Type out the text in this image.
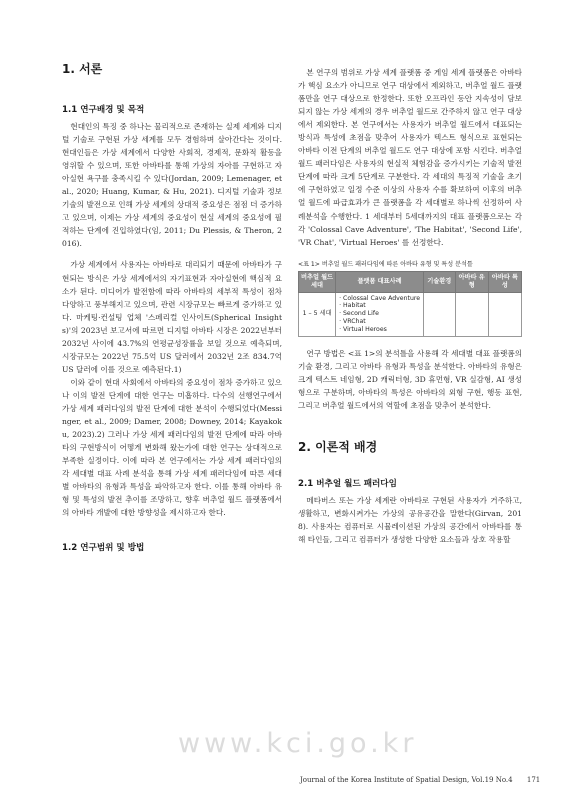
www.kci.go.kr
1. 서론
1.1 연구배경 및 목적

현대인의 특징 중 하나는 물리적으로 존재하는 실제 세계와 디지털 기술로 구현된 가상 세계를 모두 경험하며 살아간다는 것이다. 현대인들은 가상 세계에서 다양한 사회적, 경제적, 문화적 활동을 영위할 수 있으며, 또한 아바타를 통해 가상의 자아를 구현하고 자아실현 욕구를 충족시킬 수 있다(Jordan, 2009; Lemenager, et al., 2020; Huang, Kumar, & Hu, 2021). 디지털 기술과 정보 기술의 발전으로 인해 가상 세계의 상대적 중요성은 점점 더 증가하고 있으며, 이제는 가상 세계의 중요성이 현실 세계의 중요성에 필적하는 단계에 진입하였다(임, 2011; Du Plessis, & Theron, 2016).

가상 세계에서 사용자는 아바타로 대리되기 때문에 아바타가 구현되는 방식은 가상 세계에서의 자기표현과 자아실현에 핵심적 요소가 된다. 미디어가 발전함에 따라 아바타의 세부적 특성이 점차 다양하고 풍부해지고 있으며, 관련 시장규모는 빠르게 증가하고 있다. 마케팅·컨설팅 업체 '스페리컬 인사이트(Spherical Insights)'의 2023년 보고서에 따르면 디지털 아바타 시장은 2022년부터 2032년 사이에 43.7%의 연평균성장률을 보일 것으로 예측되며, 시장규모는 2022년 75.5억 US 달러에서 2032년 2조 834.7억 US 달러에 이를 것으로 예측된다.1)

이와 같이 현대 사회에서 아바타의 중요성이 점차 증가하고 있으나 이의 발전 단계에 대한 연구는 미흡하다. 다수의 선행연구에서 가상 세계 패러다임의 발전 단계에 대한 분석이 수행되었다(Messinger, et al., 2009; Damer, 2008; Downey, 2014; Kayakoku, 2023).2) 그러나 가상 세계 패러다임의 발전 단계에 따라 아바타의 구현방식이 어떻게 변화해 왔는가에 대한 연구는 상대적으로 부족한 실정이다. 이에 따라 본 연구에서는 가상 세계 패러다임의 각 세대별 대표 사례 분석을 통해 가상 세계 패러다임에 따른 세대별 아바타의 유형과 특성을 파악하고자 한다. 이를 통해 아바타 유형 및 특성의 발전 추이를 조망하고, 향후 버추얼 월드 플랫폼에서의 아바타 개발에 대한 방향성을 제시하고자 한다.

1.2 연구범위 및 방법

본 연구의 범위로 가상 세계 플랫폼 중 게임 세계 플랫폼은 아바타가 핵심 요소가 아니므로 연구 대상에서 제외하고, 버추얼 월드 플랫폼만을 연구 대상으로 한정한다. 또한 오프라인 동안 지속성이 담보되지 않는 가상 세계의 경우 버추얼 월드로 간주하지 않고 연구 대상에서 제외한다. 본 연구에서는 사용자가 버추얼 월드에서 대표되는 방식과 특성에 초점을 맞추어 사용자가 텍스트 형식으로 표현되는 아바타 이전 단계의 버추얼 월드도 연구 대상에 포함 시킨다. 버추얼 월드 패러다임은 사용자의 현실적 체험감을 증가시키는 기술적 발전 단계에 따라 크게 5단계로 구분한다. 각 세대의 특징적 기술을 초기에 구현하였고 일정 수준 이상의 사용자 수를 확보하여 이후의 버추얼 월드에 파급효과가 큰 플랫폼을 각 세대별로 하나씩 선정하여 사례분석을 수행한다. 1 세대부터 5세대까지의 대표 플랫폼으로는 각각 'Colossal Cave Adventure', 'The Habitat', 'Second Life', 'VR Chat', 'Virtual Heroes' 를 선정한다.

<표 1> 버추얼 월드 패러다임에 따른 아바타 유형 및 특성 분석틀
버추얼 월드 세대	플랫폼 대표사례	기술환경	아바타 유형	아바타 특성
1 – 5 세대	· Colossal Cave Adventure
· Habitat
· Second Life
· VRChat
· Virtual Heroes			

연구 방법은 <표 1>의 분석틀을 사용해 각 세대별 대표 플랫폼의 기술 환경, 그리고 아바타 유형과 특성을 분석한다. 아바타의 유형은 크게 텍스트 네임형, 2D 캐릭터형, 3D 휴먼형, VR 실감형, AI 생성형으로 구분하며, 아바타의 특성은 아바타의 외형 구현, 행동 표현, 그리고 버추얼 월드에서의 역할에 초점을 맞추어 분석한다.

2. 이론적 배경
2.1 버추얼 월드 패러다임

메타버스 또는 가상 세계란 아바타로 구현된 사용자가 거주하고, 생활하고, 변화시켜가는 가상의 공유공간을 말한다(Girvan, 2018). 사용자는 컴퓨터로 시뮬레이션된 가상의 공간에서 아바타를 통해 타인들, 그리고 컴퓨터가 생성한 다양한 요소들과 상호 작용할

Journal of the Korea Institute of Spatial Design, Vol.19 No.4 171
